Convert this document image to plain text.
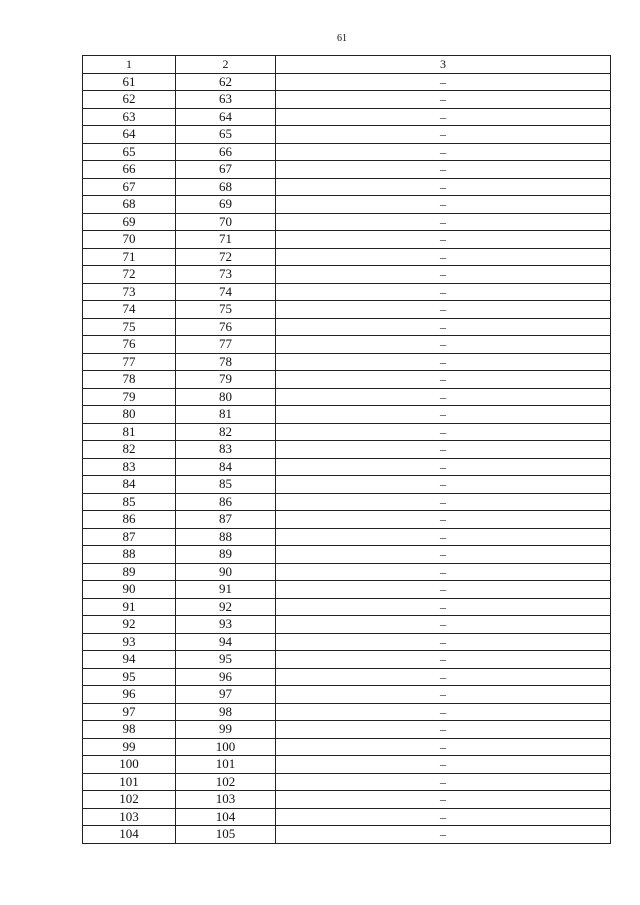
61
1	2	3
61	62	–
62	63	–
63	64	–
64	65	–
65	66	–
66	67	–
67	68	–
68	69	–
69	70	–
70	71	–
71	72	–
72	73	–
73	74	–
74	75	–
75	76	–
76	77	–
77	78	–
78	79	–
79	80	–
80	81	–
81	82	–
82	83	–
83	84	–
84	85	–
85	86	–
86	87	–
87	88	–
88	89	–
89	90	–
90	91	–
91	92	–
92	93	–
93	94	–
94	95	–
95	96	–
96	97	–
97	98	–
98	99	–
99	100	–
100	101	–
101	102	–
102	103	–
103	104	–
104	105	–
